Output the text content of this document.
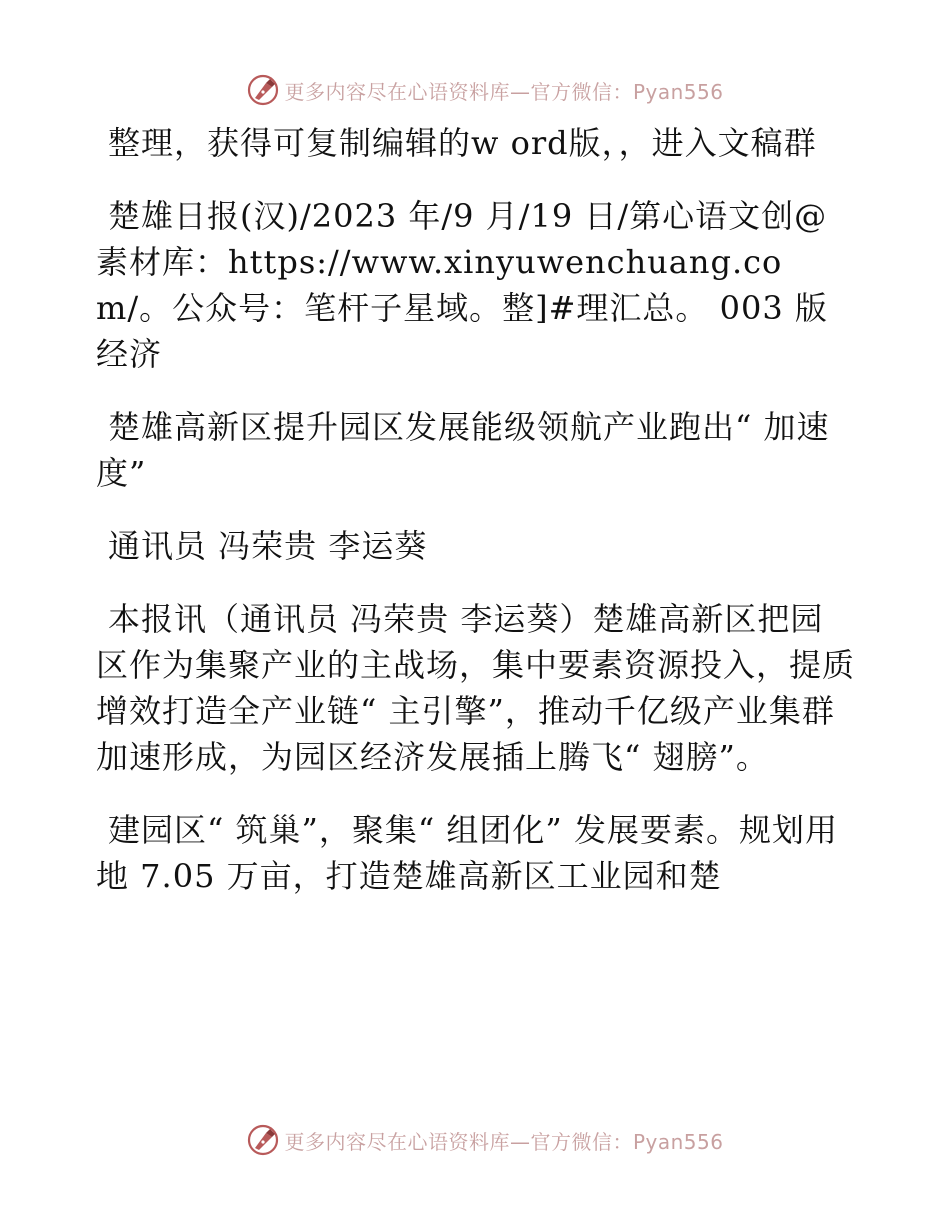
更多内容尽在心语资料库—官方微信：Pyan556

整理，获得可复制编辑的w ord版，，进入文稿群

楚雄日报(汉)/2023 年/9 月/19 日/第心语文创@素材库：https://www.xinyuwenchuang.com/。公众号：笔杆子星域。整]#理汇总。 003 版经济

楚雄高新区提升园区发展能级领航产业跑出“ 加速度”

通讯员 冯荣贵 李运葵

本报讯（通讯员 冯荣贵 李运葵）楚雄高新区把园区作为集聚产业的主战场，集中要素资源投入，提质增效打造全产业链“ 主引擎”，推动千亿级产业集群加速形成，为园区经济发展插上腾飞“ 翅膀”。

建园区“ 筑巢”，聚集“ 组团化” 发展要素。规划用地 7.05 万亩，打造楚雄高新区工业园和楚

更多内容尽在心语资料库—官方微信：Pyan556
